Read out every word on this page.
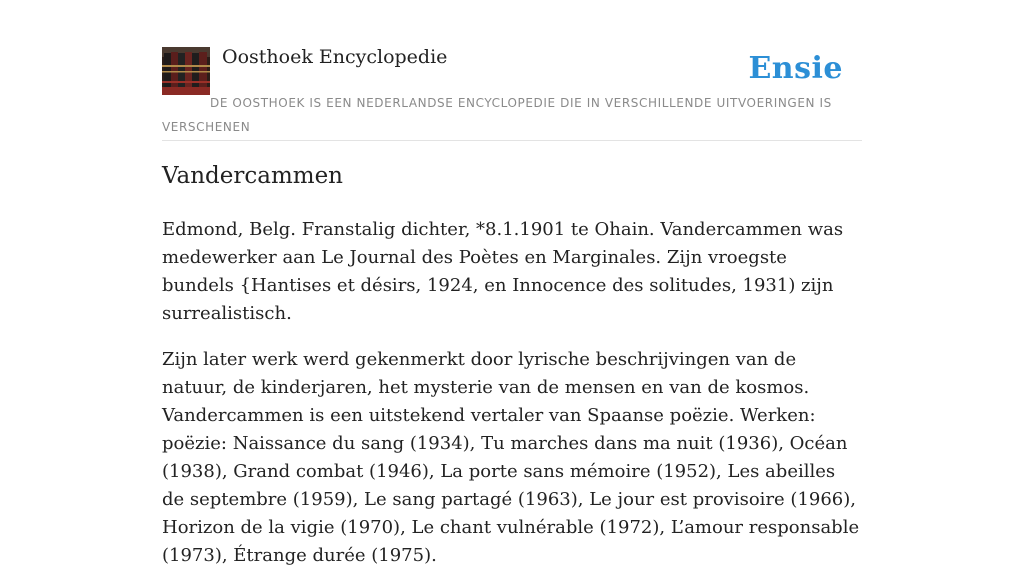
Oosthoek Encyclopedie	Ensie
DE OOSTHOEK IS EEN NEDERLANDSE ENCYCLOPEDIE DIE IN VERSCHILLENDE UITVOERINGEN IS VERSCHENEN
Vandercammen

Edmond, Belg. Franstalig dichter, *8.1.1901 te Ohain. Vandercammen was medewerker aan Le Journal des Poètes en Marginales. Zijn vroegste bundels {Hantises et désirs, 1924, en Innocence des solitudes, 1931) zijn surrealistisch.

Zijn later werk werd gekenmerkt door lyrische beschrijvingen van de natuur, de kinderjaren, het mysterie van de mensen en van de kosmos. Vandercammen is een uitstekend vertaler van Spaanse poëzie. Werken: poëzie: Naissance du sang (1934), Tu marches dans ma nuit (1936), Océan (1938), Grand combat (1946), La porte sans mémoire (1952), Les abeilles de septembre (1959), Le sang partagé (1963), Le jour est provisoire (1966), Horizon de la vigie (1970), Le chant vulnérable (1972), L’amour responsable (1973), Étrange durée (1975).
